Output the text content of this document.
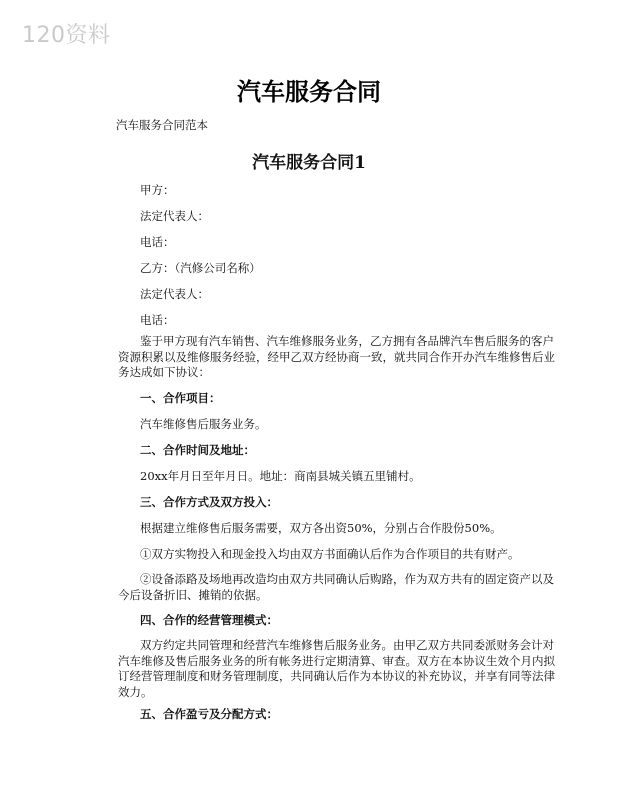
120资料
汽车服务合同
汽车服务合同范本
汽车服务合同1
甲方：
法定代表人：
电话：
乙方：（汽修公司名称）
法定代表人：
电话：
鉴于甲方现有汽车销售、汽车维修服务业务，乙方拥有各品牌汽车售后服务的客户资源积累以及维修服务经验，经甲乙双方经协商一致，就共同合作开办汽车维修售后业务达成如下协议：
一、合作项目：
汽车维修售后服务业务。
二、合作时间及地址：
20xx年月日至年月日。地址：商南县城关镇五里铺村。
三、合作方式及双方投入：
根据建立维修售后服务需要，双方各出资50%，分别占合作股份50%。
①双方实物投入和现金投入均由双方书面确认后作为合作项目的共有财产。
②设备添路及场地再改造均由双方共同确认后购路，作为双方共有的固定资产以及今后设备折旧、摊销的依据。
四、合作的经营管理模式：
双方约定共同管理和经营汽车维修售后服务业务。由甲乙双方共同委派财务会计对汽车维修及售后服务业务的所有帐务进行定期清算、审查。双方在本协议生效个月内拟订经营管理制度和财务管理制度，共同确认后作为本协议的补充协议，并享有同等法律效力。
五、合作盈亏及分配方式：
